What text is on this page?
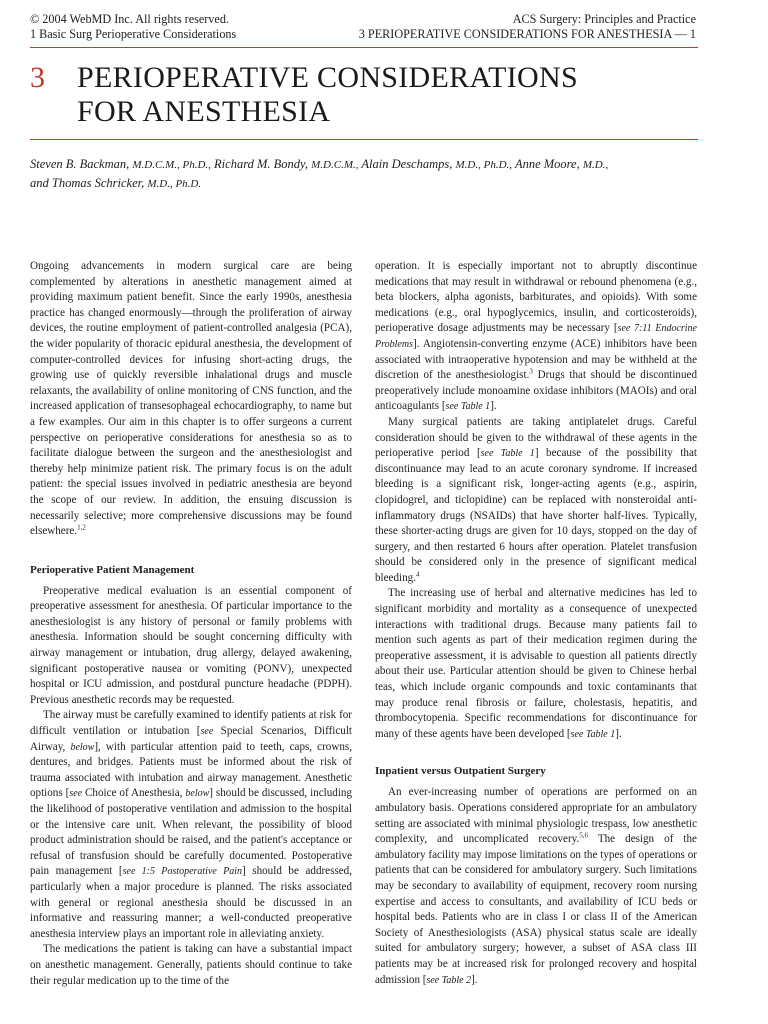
© 2004 WebMD Inc. All rights reserved.
1 Basic Surg Perioperative Considerations
ACS Surgery: Principles and Practice
3 PERIOPERATIVE CONSIDERATIONS FOR ANESTHESIA — 1
3 PERIOPERATIVE CONSIDERATIONS
FOR ANESTHESIA
Steven B. Backman, M.D.C.M., Ph.D., Richard M. Bondy, M.D.C.M., Alain Deschamps, M.D., Ph.D., Anne Moore, M.D.,
and Thomas Schricker, M.D., Ph.D.

Ongoing advancements in modern surgical care are being complemented by alterations in anesthetic management aimed at providing maximum patient benefit. Since the early 1990s, anesthesia practice has changed enormously—through the proliferation of airway devices, the routine employment of patient-controlled analgesia (PCA), the wider popularity of thoracic epidural anesthesia, the development of computer-controlled devices for infusing short-acting drugs, the growing use of quickly reversible inhalational drugs and muscle relaxants, the availability of online monitoring of CNS function, and the increased application of transesophageal echocardiography, to name but a few examples. Our aim in this chapter is to offer surgeons a current perspective on perioperative considerations for anesthesia so as to facilitate dialogue between the surgeon and the anesthesiologist and thereby help minimize patient risk. The primary focus is on the adult patient: the special issues involved in pediatric anesthesia are beyond the scope of our review. In addition, the ensuing discussion is necessarily selective; more comprehensive discussions may be found elsewhere.$^{1,2}$

Perioperative Patient Management

Preoperative medical evaluation is an essential component of preoperative assessment for anesthesia. Of particular importance to the anesthesiologist is any history of personal or family problems with anesthesia. Information should be sought concerning difficulty with airway management or intubation, drug allergy, delayed awakening, significant postoperative nausea or vomiting (PONV), unexpected hospital or ICU admission, and postdural puncture headache (PDPH). Previous anesthetic records may be requested.

The airway must be carefully examined to identify patients at risk for difficult ventilation or intubation [see Special Scenarios, Difficult Airway, below], with particular attention paid to teeth, caps, crowns, dentures, and bridges. Patients must be informed about the risk of trauma associated with intubation and airway management. Anesthetic options [see Choice of Anesthesia, below] should be discussed, including the likelihood of postoperative ventilation and admission to the hospital or the intensive care unit. When relevant, the possibility of blood product administration should be raised, and the patient's acceptance or refusal of transfusion should be carefully documented. Postoperative pain management [see 1:5 Postoperative Pain] should be addressed, particularly when a major procedure is planned. The risks associated with general or regional anesthesia should be discussed in an informative and reassuring manner; a well-conducted preoperative anesthesia interview plays an important role in alleviating anxiety.

The medications the patient is taking can have a substantial impact on anesthetic management. Generally, patients should continue to take their regular medication up to the time of the

operation. It is especially important not to abruptly discontinue medications that may result in withdrawal or rebound phenomena (e.g., beta blockers, alpha agonists, barbiturates, and opioids). With some medications (e.g., oral hypoglycemics, insulin, and corticosteroids), perioperative dosage adjustments may be necessary [see 7:11 Endocrine Problems]. Angiotensin-converting enzyme (ACE) inhibitors have been associated with intraoperative hypotension and may be withheld at the discretion of the anesthesiologist.$^3$ Drugs that should be discontinued preoperatively include monoamine oxidase inhibitors (MAOIs) and oral anticoagulants [see Table 1].

Many surgical patients are taking antiplatelet drugs. Careful consideration should be given to the withdrawal of these agents in the perioperative period [see Table 1] because of the possibility that discontinuance may lead to an acute coronary syndrome. If increased bleeding is a significant risk, longer-acting agents (e.g., aspirin, clopidogrel, and ticlopidine) can be replaced with nonsteroidal anti-inflammatory drugs (NSAIDs) that have shorter half-lives. Typically, these shorter-acting drugs are given for 10 days, stopped on the day of surgery, and then restarted 6 hours after operation. Platelet transfusion should be considered only in the presence of significant medical bleeding.$^4$

The increasing use of herbal and alternative medicines has led to significant morbidity and mortality as a consequence of unexpected interactions with traditional drugs. Because many patients fail to mention such agents as part of their medication regimen during the preoperative assessment, it is advisable to question all patients directly about their use. Particular attention should be given to Chinese herbal teas, which include organic compounds and toxic contaminants that may produce renal fibrosis or failure, cholestasis, hepatitis, and thrombocytopenia. Specific recommendations for discontinuance for many of these agents have been developed [see Table 1].

Inpatient versus Outpatient Surgery

An ever-increasing number of operations are performed on an ambulatory basis. Operations considered appropriate for an ambulatory setting are associated with minimal physiologic trespass, low anesthetic complexity, and uncomplicated recovery.$^{5,6}$ The design of the ambulatory facility may impose limitations on the types of operations or patients that can be considered for ambulatory surgery. Such limitations may be secondary to availability of equipment, recovery room nursing expertise and access to consultants, and availability of ICU beds or hospital beds. Patients who are in class I or class II of the American Society of Anesthesiologists (ASA) physical status scale are ideally suited for ambulatory surgery; however, a subset of ASA class III patients may be at increased risk for prolonged recovery and hospital admission [see Table 2].
